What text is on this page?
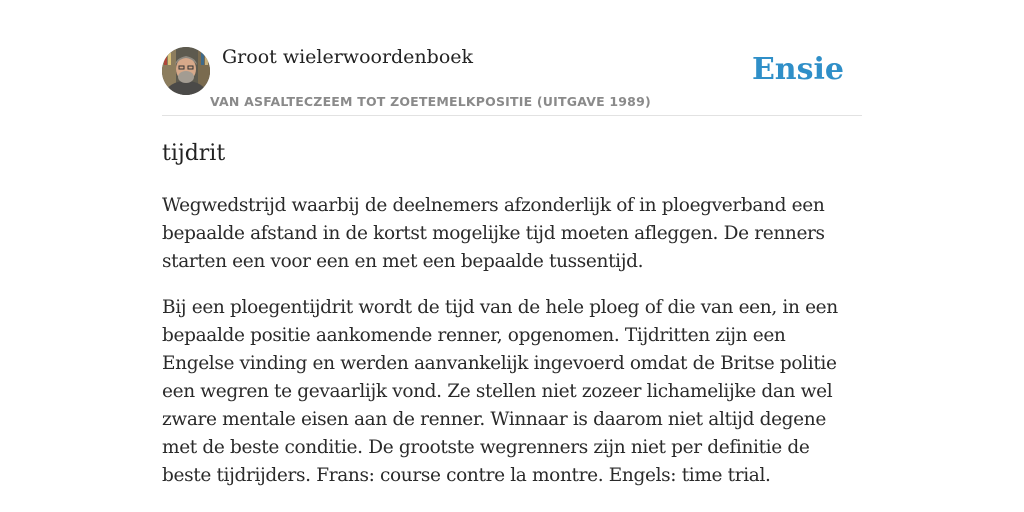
Groot wielerwoordenboek
VAN ASFALTECZEEM TOT ZOETEMELKPOSITIE (UITGAVE 1989)
Ensie
tijdrit

Wegwedstrijd waarbij de deelnemers afzonderlijk of in ploegverband een bepaalde afstand in de kortst mogelijke tijd moeten afleggen. De renners starten een voor een en met een bepaalde tussentijd.

Bij een ploegentijdrit wordt de tijd van de hele ploeg of die van een, in een bepaalde positie aankomende renner, opgenomen. Tijdritten zijn een Engelse vinding en werden aanvankelijk ingevoerd omdat de Britse politie een wegren te gevaarlijk vond. Ze stellen niet zozeer lichamelijke dan wel zware mentale eisen aan de renner. Winnaar is daarom niet altijd degene met de beste conditie. De grootste wegrenners zijn niet per definitie de beste tijdrijders. Frans: course contre la montre. Engels: time trial.
